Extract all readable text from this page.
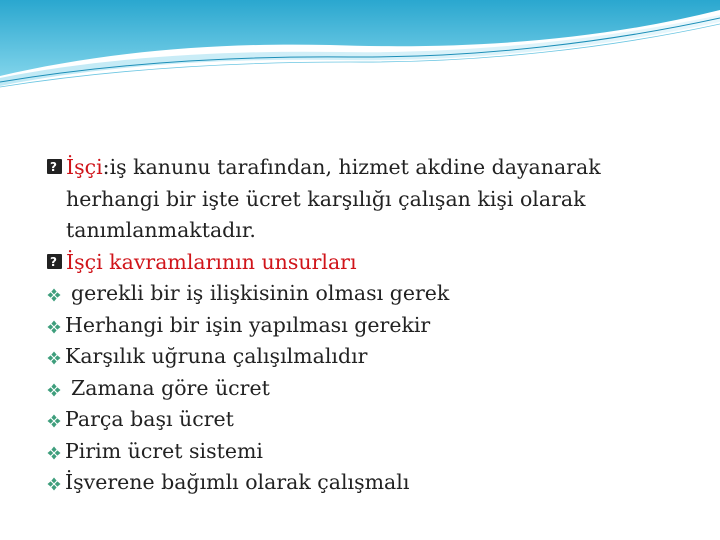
?
İşçi:iş kanunu tarafından, hizmet akdine dayanarak
herhangi bir işte ücret karşılığı çalışan kişi olarak
tanımlanmaktadır.
?
İşçi kavramlarının unsurları
gerekli bir iş ilişkisinin olması gerek
Herhangi bir işin yapılması gerekir
Karşılık uğruna çalışılmalıdır
Zamana göre ücret
Parça başı ücret
Pirim ücret sistemi
İşverene bağımlı olarak çalışmalı
